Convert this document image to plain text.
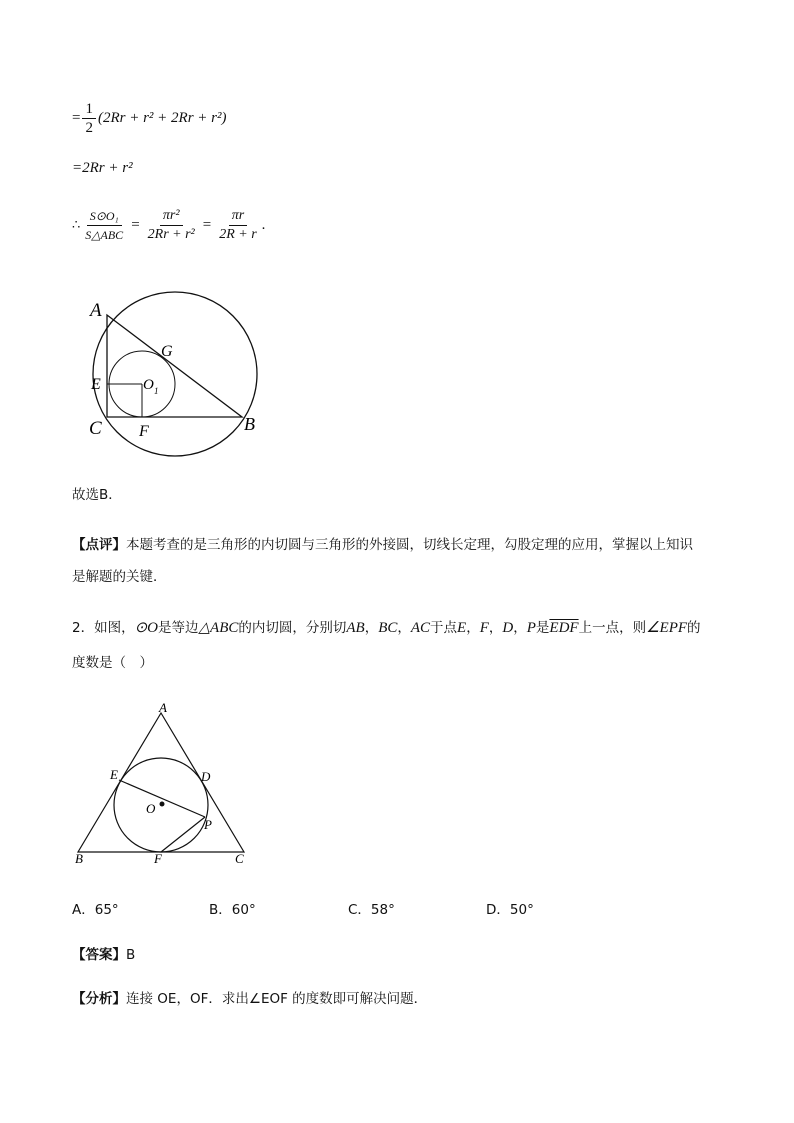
= $\frac{1}{2} (2Rr + r^2 + 2Rr + r^2)$
=2Rr + r²
∴ $\frac{\text{S⊙O₁}}{\text{S△ABC}} = \frac{\text{πr²}}{\text{2Rr + r²}} = \frac{\pi r}{2R + r}$ .
A
G
E	O 1
C F	B
故选B．
【点评】本题考查的是三角形的内切圆与三角形的外接圆，切线长定理，勾股定理的应用，掌握以上知识
是解题的关键．
2．如图，⊙O是等边△ABC的内切圆，分别切AB，BC，AC于点E，F，D，P是$\overline{EDF}$上一点，则∠EPF的
度数是（　）
A
E	D
O
P
B	F	C
A．65°	B．60°	C．58°	D．50°
【答案】B
【分析】连接 OE，OF．求出∠EOF 的度数即可解决问题．
